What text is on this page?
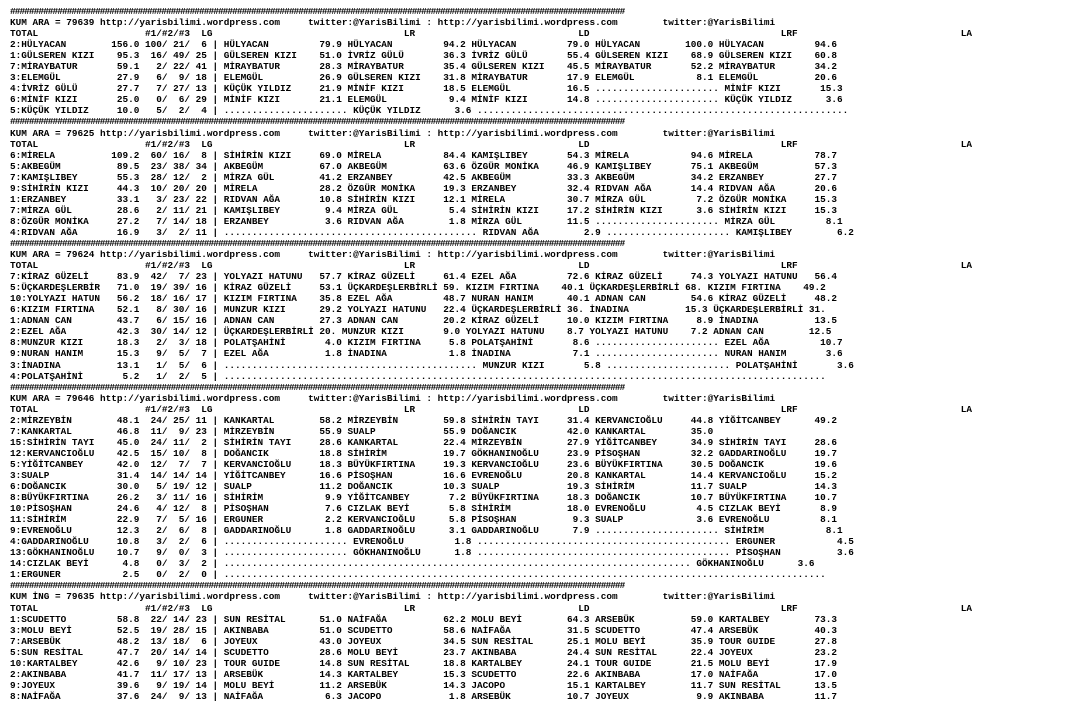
##################################################################################################################################
KUM ARA = 79639 http://yarisbilimi.wordpress.com     twitter:@YarisBilimi : http://yarisbilimi.wordpress.com        twitter:@YarisBilimi
TOTAL                   #1/#2/#3  LG                                  LR                             LD                                  LRF                             LA
2:HÜLYACAN        156.0 100/ 21/  6 | HÜLYACAN         79.9 HÜLYACAN         94.2 HÜLYACAN         79.0 HÜLYACAN        100.0 HÜLYACAN         94.6
1:GÜLSEREN KIZI    95.3  16/ 49/ 25 | GÜLSEREN KIZI    51.0 İVRİZ GÜLÜ       36.3 İVRİZ GÜLÜ       55.4 GÜLSEREN KIZI    68.9 GÜLSEREN KIZI    60.8
7:MİRAYBATUR       59.1   2/ 22/ 41 | MİRAYBATUR       28.3 MİRAYBATUR       35.4 GÜLSEREN KIZI    45.5 MİRAYBATUR       52.2 MİRAYBATUR       34.2
3:ELEMGÜL          27.9   6/  9/ 18 | ELEMGÜL          26.9 GÜLSEREN KIZI    31.8 MİRAYBATUR       17.9 ELEMGÜL           8.1 ELEMGÜL          20.6
4:İVRİZ GÜLÜ       27.7   7/ 27/ 13 | KÜÇÜK YILDIZ     21.9 MİNİF KIZI       18.5 ELEMGÜL          16.5 ...................... MİNİF KIZI       15.3
6:MİNİF KIZI       25.0   0/  6/ 29 | MİNİF KIZI       21.1 ELEMGÜL           9.4 MİNİF KIZI       14.8 ...................... KÜÇÜK YILDIZ      3.6
5:KÜÇÜK YILDIZ     10.0   5/  2/  4 | ...................... KÜÇÜK YILDIZ      3.6 ..................................................................
##################################################################################################################################
KUM ARA = 79625 http://yarisbilimi.wordpress.com     twitter:@YarisBilimi : http://yarisbilimi.wordpress.com        twitter:@YarisBilimi
TOTAL                   #1/#2/#3  LG                                  LR                             LD                                  LRF                             LA
6:MİRELA          109.2  60/ 16/  8 | SİHİRİN KIZI     69.0 MİRELA           84.4 KAMIŞLIBEY       54.3 MİRELA           94.6 MİRELA           78.7
5:AKBEGÜM          89.5  23/ 38/ 34 | AKBEGÜM          67.0 AKBEGÜM          63.6 ÖZGÜR MONİKA     46.9 KAMIŞLIBEY       75.1 AKBEGÜM          57.3
7:KAMIŞLIBEY       55.3  28/ 12/  2 | MİRZA GÜL        41.2 ERZANBEY         42.5 AKBEGÜM          33.3 AKBEGÜM          34.2 ERZANBEY         27.7
9:SİHİRİN KIZI     44.3  10/ 20/ 20 | MİRELA           28.2 ÖZGÜR MONİKA     19.3 ERZANBEY         32.4 RIDVAN AĞA       14.4 RIDVAN AĞA       20.6
1:ERZANBEY         33.1   3/ 23/ 22 | RIDVAN AĞA       10.8 SİHİRİN KIZI     12.1 MİRELA           30.7 MİRZA GÜL         7.2 ÖZGÜR MONİKA     15.3
7:MİRZA GÜL        28.6   2/ 11/ 21 | KAMIŞLIBEY        9.4 MİRZA GÜL         5.4 SİHİRİN KIZI     17.2 SİHİRİN KIZI      3.6 SİHİRİN KIZI     15.3
8:ÖZGÜR MONİKA     27.2   7/ 14/ 18 | ERZANBEY          3.6 RIDVAN AĞA        1.8 MİRZA GÜL        11.5 ...................... MİRZA GÜL         8.1
4:RIDVAN AĞA       16.9   3/  2/ 11 | ............................................. RIDVAN AĞA        2.9 ...................... KAMIŞLIBEY        6.2
##################################################################################################################################
KUM ARA = 79624 http://yarisbilimi.wordpress.com     twitter:@YarisBilimi : http://yarisbilimi.wordpress.com        twitter:@YarisBilimi
TOTAL                   #1/#2/#3  LG                                  LR                             LD                                  LRF                             LA
7:KİRAZ GÜZELİ     83.9  42/  7/ 23 | YOLYAZI HATUNU   57.7 KİRAZ GÜZELİ     61.4 EZEL AĞA         72.6 KİRAZ GÜZELİ     74.3 YOLYAZI HATUNU   56.4
5:ÜÇKARDEŞLERBİR   71.0  19/ 39/ 16 | KİRAZ GÜZELİ     53.1 ÜÇKARDEŞLERBİRLİ 59. KIZIM FIRTINA    40.1 ÜÇKARDEŞLERBİRLİ 68. KIZIM FIRTINA    49.2
10:YOLYAZI HATUN   56.2  18/ 16/ 17 | KIZIM FIRTINA    35.8 EZEL AĞA         48.7 NURAN HANIM      40.1 ADNAN CAN        54.6 KİRAZ GÜZELİ     48.2
6:KIZIM FIRTINA    52.1   8/ 30/ 16 | MUNZUR KIZI      29.2 YOLYAZI HATUNU   22.4 ÜÇKARDEŞLERBİRLİ 36. İNADINA          15.3 ÜÇKARDEŞLERBİRLİ 31.
1:ADNAN CAN        43.7   6/ 15/ 16 | ADNAN CAN        27.3 ADNAN CAN        20.2 KİRAZ GÜZELİ     10.0 KIZIM FIRTINA     8.9 İNADINA          13.5
2:EZEL AĞA         42.3  30/ 14/ 12 | ÜÇKARDEŞLERBİRLİ 20. MUNZUR KIZI       9.0 YOLYAZI HATUNU    8.7 YOLYAZI HATUNU    7.2 ADNAN CAN        12.5
8:MUNZUR KIZI      18.3   2/  3/ 18 | POLATŞAHİNİ       4.0 KIZIM FIRTINA     5.8 POLATŞAHİNİ       8.6 ...................... EZEL AĞA         10.7
9:NURAN HANIM      15.3   9/  5/  7 | EZEL AĞA          1.8 İNADINA           1.8 İNADINA           7.1 ...................... NURAN HANIM       3.6
3:İNADINA          13.1   1/  5/  6 | ............................................. MUNZUR KIZI       5.8 ...................... POLATŞAHİNİ       3.6
4:POLATŞAHİNİ       5.2   1/  2/  5 | ...........................................................................................................
##################################################################################################################################
KUM ARA = 79646 http://yarisbilimi.wordpress.com     twitter:@YarisBilimi : http://yarisbilimi.wordpress.com        twitter:@YarisBilimi
TOTAL                   #1/#2/#3  LG                                  LR                             LD                                  LRF                             LA
2:MİRZEYBİN        48.1  24/ 25/ 11 | KANKARTAL        58.2 MİRZEYBİN        59.8 SİHİRİN TAYI     31.4 KERVANCIOĞLU     44.8 YİĞİTCANBEY      49.2
7:KANKARTAL        46.8  11/  9/ 23 | MİRZEYBİN        55.9 SUALP            55.9 DOĞANCIK         42.0 KANKARTAL        35.0
15:SİHİRİN TAYI    45.0  24/ 11/  2 | SİHİRİN TAYI     28.6 KANKARTAL        22.4 MİRZEYBİN        27.9 YİĞİTCANBEY      34.9 SİHİRİN TAYI     28.6
12:KERVANCIOĞLU    42.5  15/ 10/  8 | DOĞANCIK         18.8 SİHİRİM          19.7 GÖKHANINOĞLU     23.9 PİSOŞHAN         32.2 GADDARINOĞLU     19.7
5:YİĞİTCANBEY      42.0  12/  7/  7 | KERVANCIOĞLU     18.3 BÜYÜKFIRTINA     19.3 KERVANCIOĞLU     23.6 BÜYÜKFIRTINA     30.5 DOĞANCIK         19.6
3:SUALP            31.4  14/ 14/ 14 | YİĞİTCANBEY      16.6 PİSOŞHAN         16.6 EVRENOĞLU        20.8 KANKARTAL        14.4 KERVANCIOĞLU     15.2
6:DOĞANCIK         30.0   5/ 19/ 12 | SUALP            11.2 DOĞANCIK         10.3 SUALP            19.3 SİHİRİM          11.7 SUALP            14.3
8:BÜYÜKFIRTINA     26.2   3/ 11/ 16 | SİHİRİM           9.9 YİĞİTCANBEY       7.2 BÜYÜKFIRTINA     18.3 DOĞANCIK         10.7 BÜYÜKFIRTINA     10.7
10:PİSOŞHAN        24.6   4/ 12/  8 | PİSOŞHAN          7.6 CIZLAK BEYİ       5.8 SİHİRİM          18.0 EVRENOĞLU         4.5 CIZLAK BEYİ       8.9
11:SİHİRİM         22.9   7/  5/ 16 | ERGUNER           2.2 KERVANCIOĞLU      5.8 PİSOŞHAN          9.3 SUALP             3.6 EVRENOĞLU         8.1
9:EVRENOĞLU        12.3   2/  6/  8 | GADDARINOĞLU      1.8 GADDARINOĞLU      3.1 GADDARINOĞLU      7.9 ...................... SİHİRİM           8.1
4:GADDARINOĞLU     10.8   3/  2/  6 | ...................... EVRENOĞLU         1.8 ............................................. ERGUNER           4.5
13:GÖKHANINOĞLU    10.7   9/  0/  3 | ...................... GÖKHANINOĞLU      1.8 ............................................. PİSOŞHAN          3.6
14:CIZLAK BEYİ      4.8   0/  3/  2 | ................................................................................... GÖKHANINOĞLU      3.6
1:ERGUNER           2.5   0/  2/  0 | ...........................................................................................................
##################################################################################################################################
KUM İNG = 79635 http://yarisbilimi.wordpress.com     twitter:@YarisBilimi : http://yarisbilimi.wordpress.com        twitter:@YarisBilimi
TOTAL                   #1/#2/#3  LG                                  LR                             LD                                  LRF                             LA
1:SCUDETTO         58.8  22/ 14/ 23 | SUN RESİTAL      51.0 NAİFAĞA          62.2 MOLU BEYİ        64.3 ARSEBÜK          59.0 KARTALBEY        73.3
3:MOLU BEYİ        52.5  19/ 28/ 15 | AKINBABA         51.0 SCUDETTO         58.6 NAİFAĞA          31.5 SCUDETTO         47.4 ARSEBÜK          40.3
7:ARSEBÜK          48.2  13/ 18/  6 | JOYEUX           43.0 JOYEUX           34.5 SUN RESİTAL      25.1 MOLU BEYİ        35.9 TOUR GUIDE       27.8
5:SUN RESİTAL      47.7  20/ 14/ 14 | SCUDETTO         28.6 MOLU BEYİ        23.7 AKINBABA         24.4 SUN RESİTAL      22.4 JOYEUX           23.2
10:KARTALBEY       42.6   9/ 10/ 23 | TOUR GUIDE       14.8 SUN RESİTAL      18.8 KARTALBEY        24.1 TOUR GUIDE       21.5 MOLU BEYİ        17.9
2:AKINBABA         41.7  11/ 17/ 13 | ARSEBÜK          14.3 KARTALBEY        15.3 SCUDETTO         22.6 AKINBABA         17.0 NAİFAĞA          17.0
9:JOYEUX           39.6   9/ 19/ 14 | MOLU BEYİ        11.2 ARSEBÜK          14.3 JACOPO           15.1 KARTALBEY        11.7 SUN RESİTAL      13.5
8:NAİFAĞA          37.6  24/  9/ 13 | NAİFAĞA           6.3 JACOPO            1.8 ARSEBÜK          10.7 JOYEUX            9.9 AKINBABA         11.7
